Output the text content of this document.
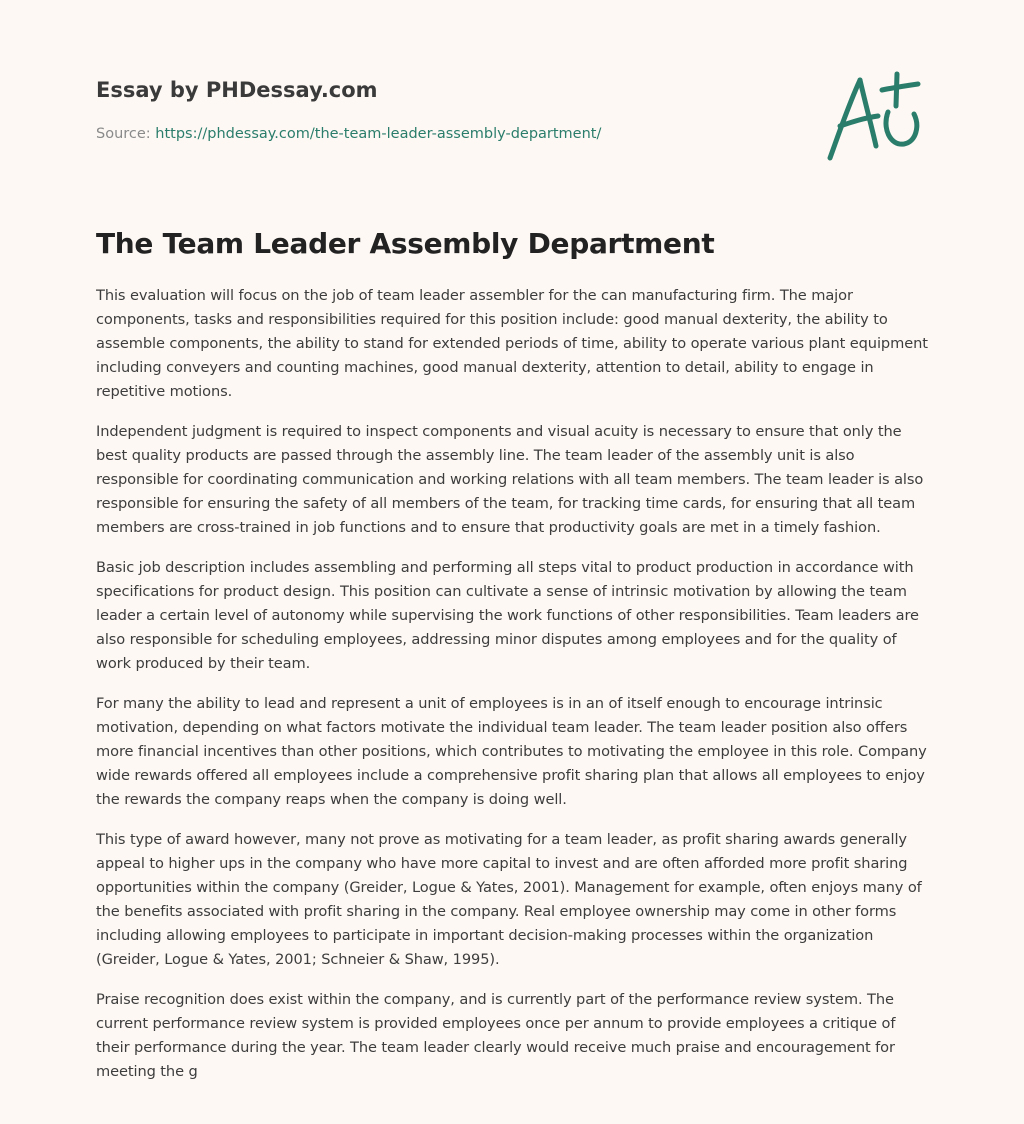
Essay by PHDessay.com
Source: https://phdessay.com/the-team-leader-assembly-department/
The Team Leader Assembly Department

This evaluation will focus on the job of team leader assembler for the can manufacturing firm. The major components, tasks and responsibilities required for this position include: good manual dexterity, the ability to assemble components, the ability to stand for extended periods of time, ability to operate various plant equipment including conveyers and counting machines, good manual dexterity, attention to detail, ability to engage in repetitive motions.

Independent judgment is required to inspect components and visual acuity is necessary to ensure that only the best quality products are passed through the assembly line. The team leader of the assembly unit is also responsible for coordinating communication and working relations with all team members. The team leader is also responsible for ensuring the safety of all members of the team, for tracking time cards, for ensuring that all team members are cross-trained in job functions and to ensure that productivity goals are met in a timely fashion.

Basic job description includes assembling and performing all steps vital to product production in accordance with specifications for product design. This position can cultivate a sense of intrinsic motivation by allowing the team leader a certain level of autonomy while supervising the work functions of other responsibilities. Team leaders are also responsible for scheduling employees, addressing minor disputes among employees and for the quality of work produced by their team.

For many the ability to lead and represent a unit of employees is in an of itself enough to encourage intrinsic motivation, depending on what factors motivate the individual team leader. The team leader position also offers more financial incentives than other positions, which contributes to motivating the employee in this role. Company wide rewards offered all employees include a comprehensive profit sharing plan that allows all employees to enjoy the rewards the company reaps when the company is doing well.

This type of award however, many not prove as motivating for a team leader, as profit sharing awards generally appeal to higher ups in the company who have more capital to invest and are often afforded more profit sharing opportunities within the company (Greider, Logue & Yates, 2001). Management for example, often enjoys many of the benefits associated with profit sharing in the company. Real employee ownership may come in other forms including allowing employees to participate in important decision-making processes within the organization (Greider, Logue & Yates, 2001; Schneier & Shaw, 1995).

Praise recognition does exist within the company, and is currently part of the performance review system. The current performance review system is provided employees once per annum to provide employees a critique of their performance during the year. The team leader clearly would receive much praise and encouragement for meeting the g
